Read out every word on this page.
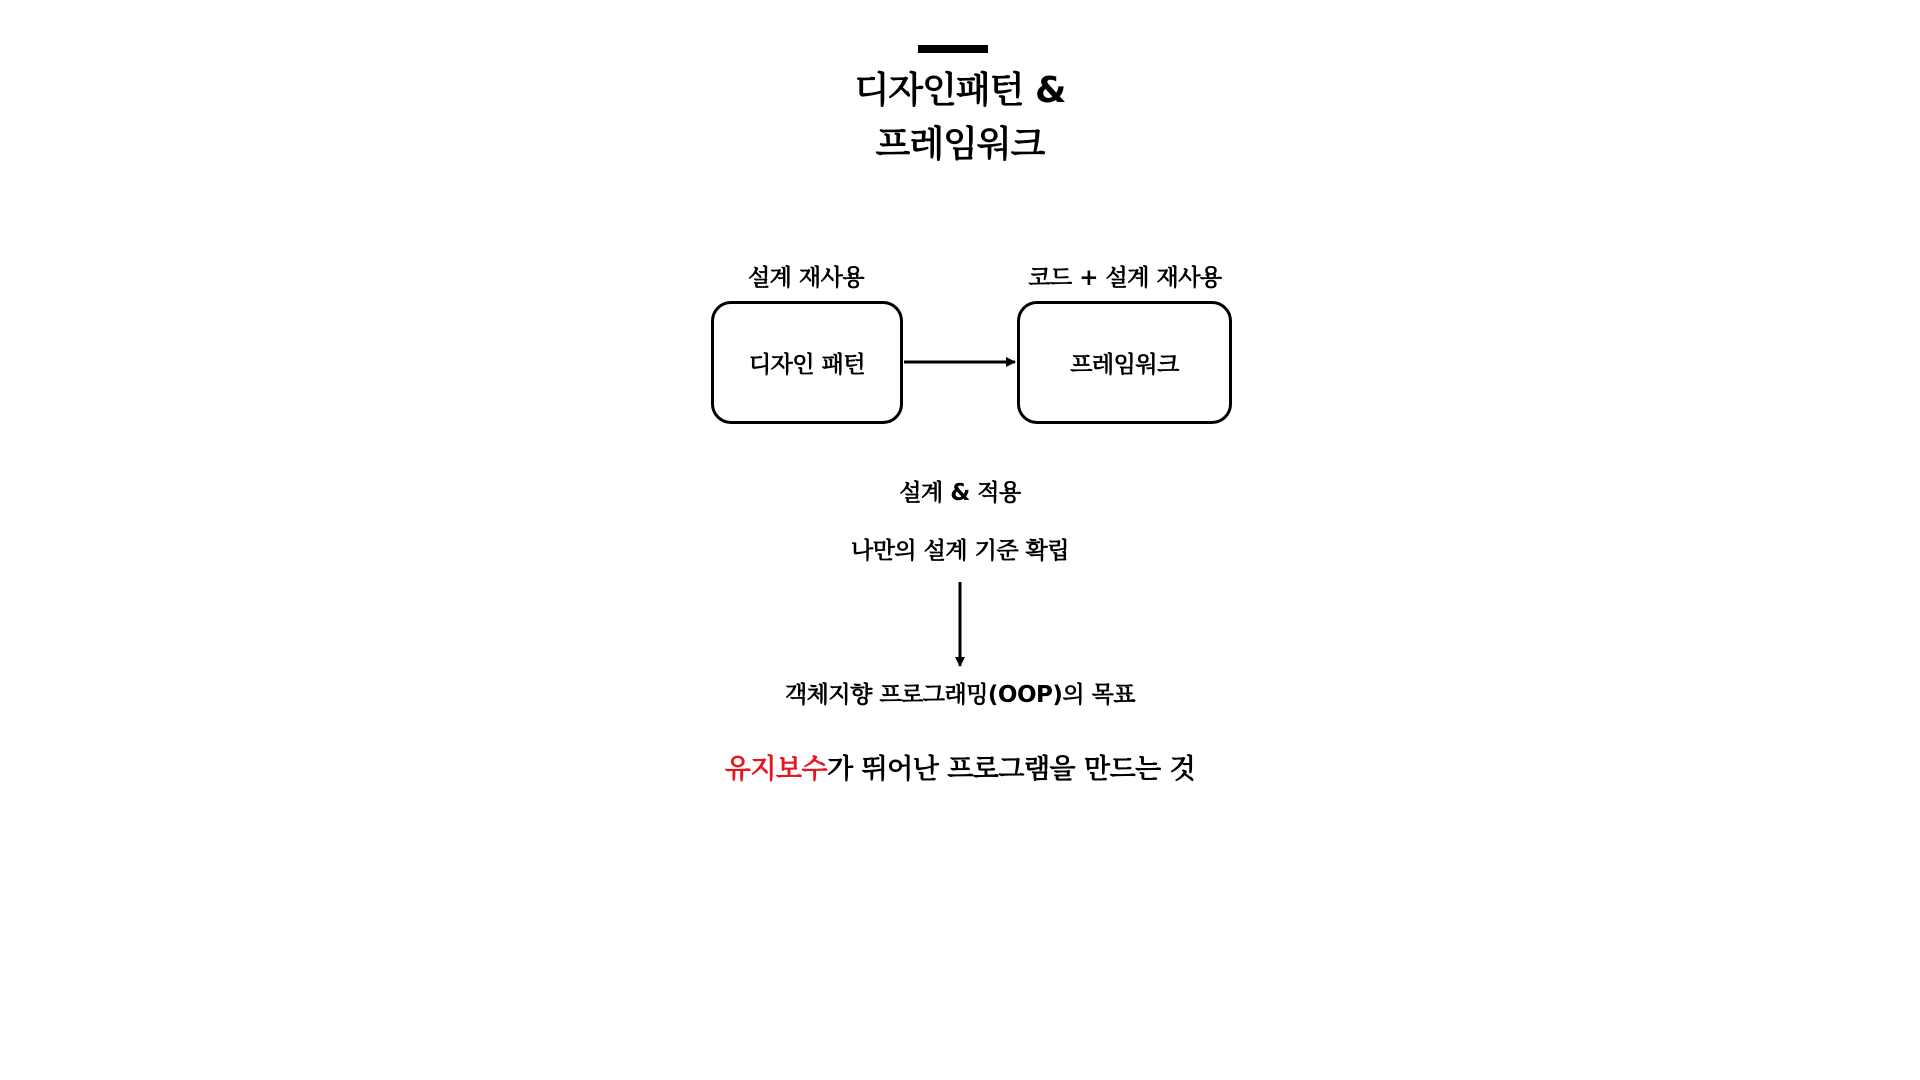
디자인패턴 &
프레임워크
설계 재사용	코드 + 설계 재사용
디자인 패턴	프레임워크
설계 & 적용
나만의 설계 기준 확립
객체지향 프로그래밍(OOP)의 목표
유지보수가 뛰어난 프로그램을 만드는 것
